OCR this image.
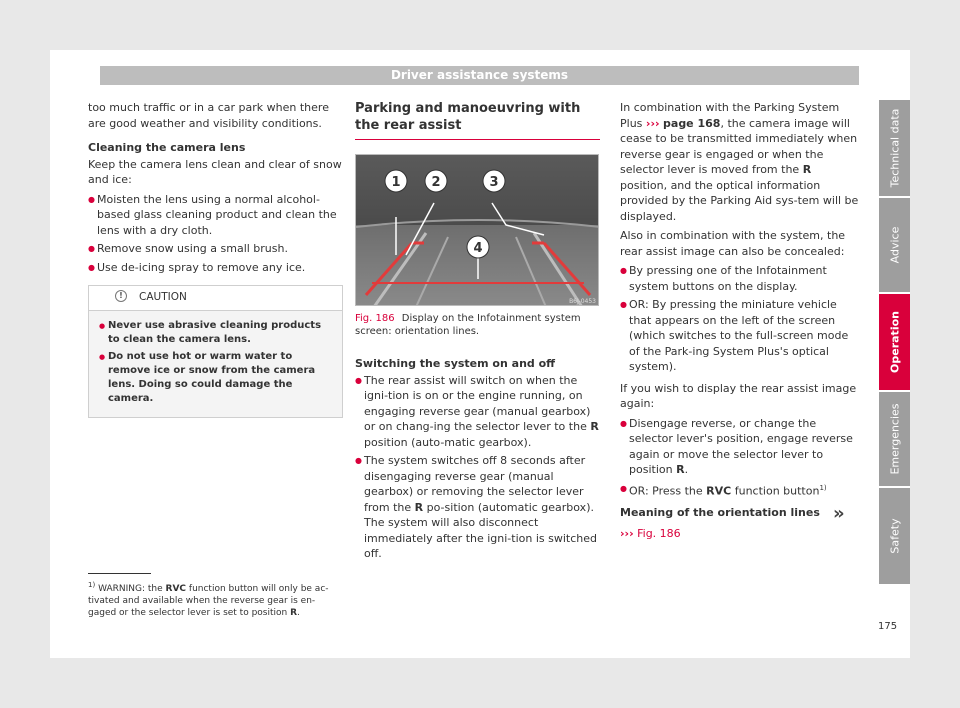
Driver assistance systems

too much traffic or in a car park when there are good weather and visibility conditions.

Cleaning the camera lens

Keep the camera lens clean and clear of snow and ice:

● Moisten the lens using a normal alcohol-based glass cleaning product and clean the lens with a dry cloth.
● Remove snow using a small brush.
● Use de-icing spray to remove any ice.
!	CAUTION
● Never use abrasive cleaning products to clean the camera lens.
● Do not use hot or warm water to remove ice or snow from the camera lens. Doing so could damage the camera.
Parking and manoeuvring with the rear assist
1 2	3
4
B6J-0453
Fig. 186 Display on the Infotainment system screen: orientation lines.
Switching the system on and off
● The rear assist will switch on when the igni-tion is on or the engine running, on engaging reverse gear (manual gearbox) or on chang-ing the selector lever to the R position (auto-matic gearbox).
● The system switches off 8 seconds after disengaging reverse gear (manual gearbox) or removing the selector lever from the R po-sition (automatic gearbox). The system will also disconnect immediately after the igni-tion is switched off.

In combination with the Parking System Plus ››› page 168, the camera image will cease to be transmitted immediately when reverse gear is engaged or when the selector lever is moved from the R position, and the optical information provided by the Parking Aid sys-tem will be displayed.

Also in combination with the system, the rear assist image can also be concealed:

● By pressing one of the Infotainment system buttons on the display.
● OR: By pressing the miniature vehicle that appears on the left of the screen (which switches to the full-screen mode of the Park-ing System Plus's optical system).

If you wish to display the rear assist image again:

● Disengage reverse, or change the selector lever's position, engage reverse again or move the selector lever to position R.
● OR: Press the RVC function button$^{1)}$
Meaning of the orientation lines
››› Fig. 186
»
$^{1)}$ WARNING: the RVC function button will only be ac-tivated and available when the reverse gear is en-gaged or the selector lever is set to position R.
175
Technical data
Advice
Operation
Emergencies
Safety
